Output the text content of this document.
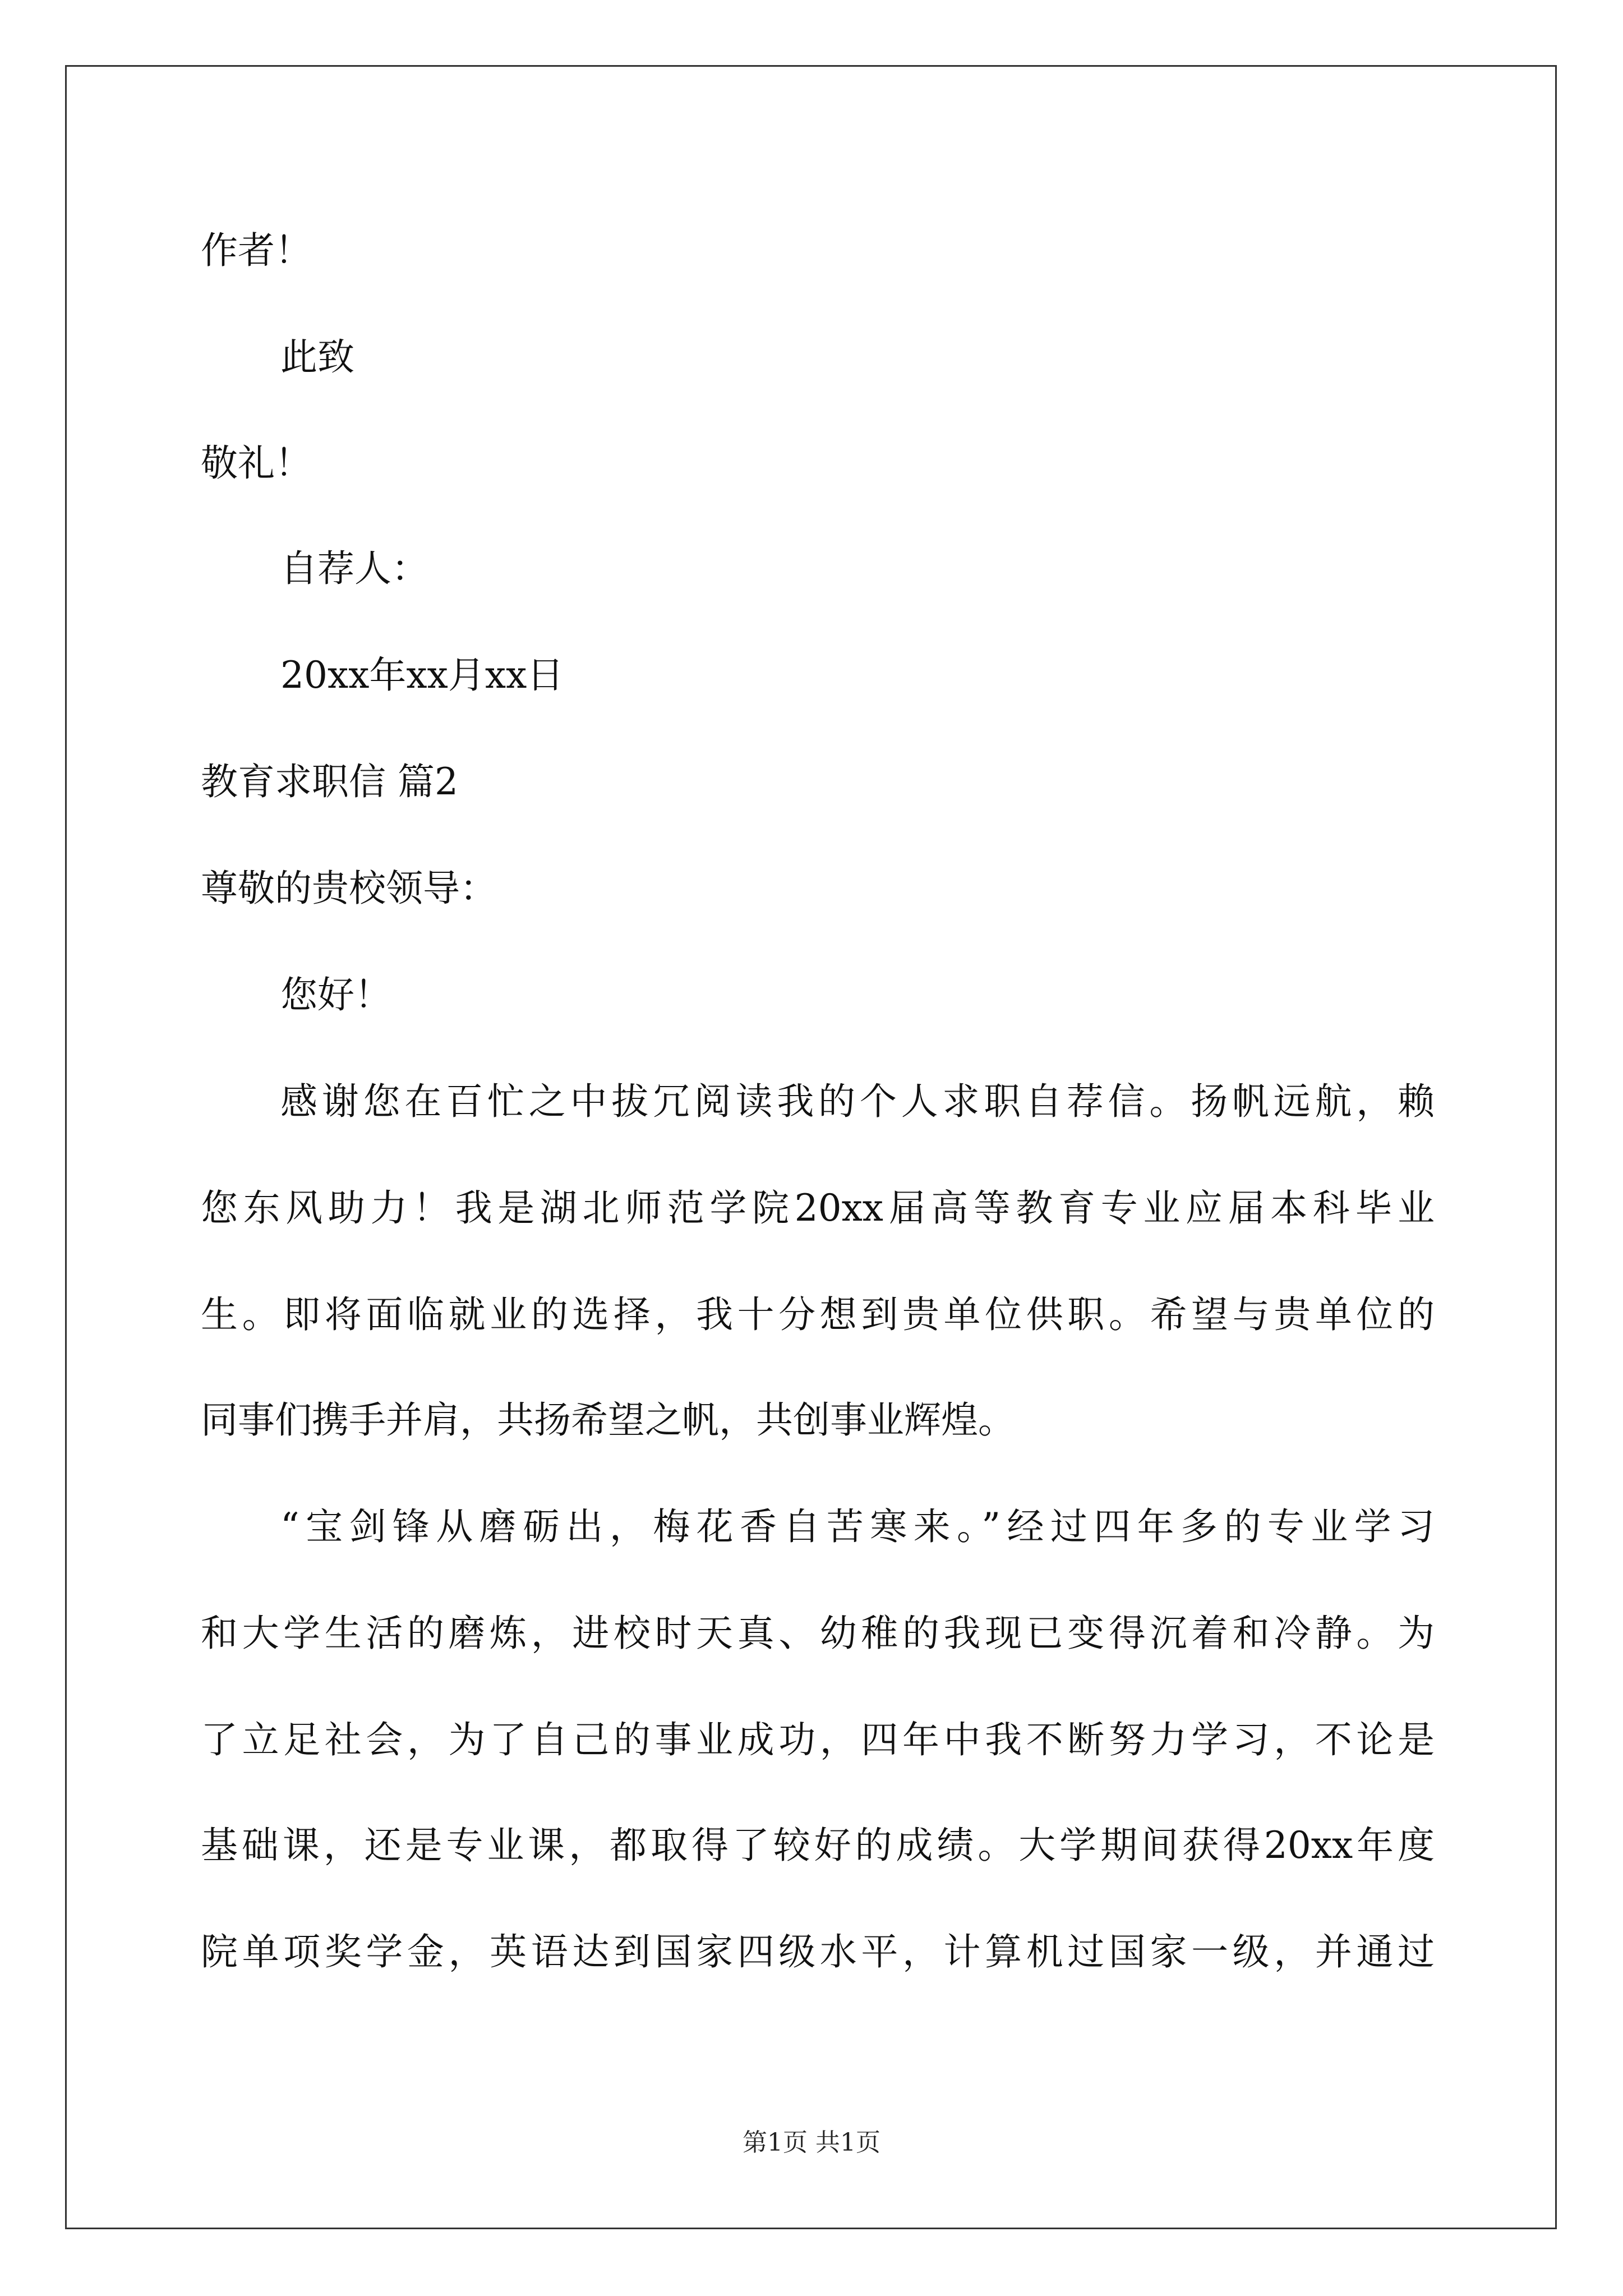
作者！

此致

敬礼！

自荐人：

20xx年xx月xx日

教育求职信 篇2

尊敬的贵校领导：

您好！

感谢您在百忙之中拔冗阅读我的个人求职自荐信。扬帆远航，赖

您东风助力！我是湖北师范学院20xx届高等教育专业应届本科毕业

生。即将面临就业的选择，我十分想到贵单位供职。希望与贵单位的

同事们携手并肩，共扬希望之帆，共创事业辉煌。

“宝剑锋从磨砺出，梅花香自苦寒来。”经过四年多的专业学习

和大学生活的磨炼，进校时天真、幼稚的我现已变得沉着和冷静。为

了立足社会，为了自己的事业成功，四年中我不断努力学习，不论是

基础课，还是专业课，都取得了较好的成绩。大学期间获得20xx年度

院单项奖学金，英语达到国家四级水平，计算机过国家一级，并通过

第1页 共1页
